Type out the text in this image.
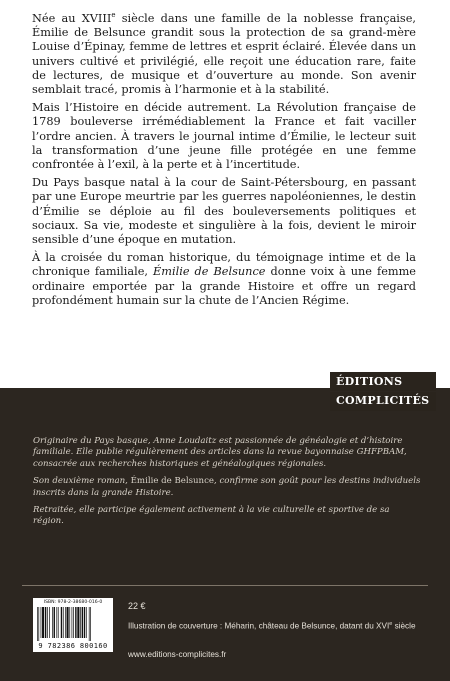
Née au XVIIIe siècle dans une famille de la noblesse française, Émilie de Belsunce grandit sous la protection de sa grand-mère Louise d’Épinay, femme de lettres et esprit éclairé. Élevée dans un univers cultivé et privilégié, elle reçoit une éducation rare, faite de lectures, de musique et d’ouverture au monde. Son avenir semblait tracé, promis à l’harmonie et à la stabilité.

Mais l’Histoire en décide autrement. La Révolution française de 1789 bouleverse irrémédiablement la France et fait vaciller l’ordre ancien. À travers le journal intime d’Émilie, le lecteur suit la transformation d’une jeune fille protégée en une femme confrontée à l’exil, à la perte et à l’incertitude.

Du Pays basque natal à la cour de Saint-Pétersbourg, en passant par une Europe meurtrie par les guerres napoléoniennes, le destin d’Émilie se déploie au fil des bouleversements politiques et sociaux. Sa vie, modeste et singulière à la fois, devient le miroir sensible d’une époque en mutation.

À la croisée du roman historique, du témoignage intime et de la chronique familiale, Émilie de Belsunce donne voix à une femme ordinaire emportée par la grande Histoire et offre un regard profondément humain sur la chute de l’Ancien Régime.

Originaire du Pays basque, Anne Loudaitz est passionnée de généalogie et d’histoire familiale. Elle publie régulièrement des articles dans la revue bayonnaise GHFPBAM, consacrée aux recherches historiques et généalogiques régionales.

Son deuxième roman, Émilie de Belsunce, confirme son goût pour les destins individuels inscrits dans la grande Histoire.

Retraitée, elle participe également activement à la vie culturelle et sportive de sa région.

ISBN: 978-2-38680-016-0
9 782386 800160
22 €
Illustration de couverture : Méharin, château de Belsunce, datant du XVIe siècle
www.editions-complicites.fr
ÉDITIONS
COMPLICITÉS
